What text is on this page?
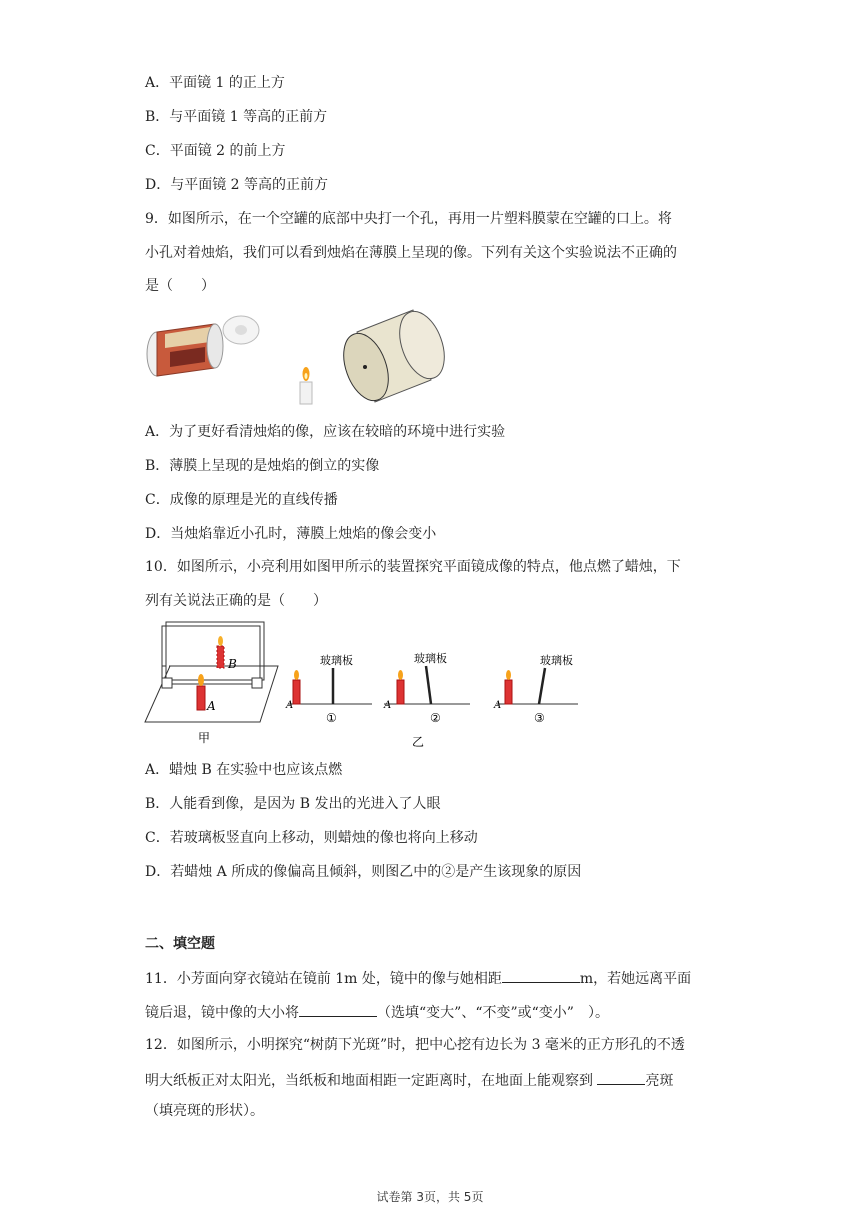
A．平面镜 1 的正上方
B．与平面镜 1 等高的正前方
C．平面镜 2 的前上方
D．与平面镜 2 等高的正前方
9．如图所示，在一个空罐的底部中央打一个孔，再用一片塑料膜蒙在空罐的口上。将
小孔对着烛焰，我们可以看到烛焰在薄膜上呈现的像。下列有关这个实验说法不正确的
是（　　）
A．为了更好看清烛焰的像，应该在较暗的环境中进行实验
B．薄膜上呈现的是烛焰的倒立的实像
C．成像的原理是光的直线传播
D．当烛焰靠近小孔时，薄膜上烛焰的像会变小
10．如图所示，小亮利用如图甲所示的装置探究平面镜成像的特点，他点燃了蜡烛，下
列有关说法正确的是（　　）
B
A
甲
A
玻璃板
①
A
玻璃板
②
A
玻璃板
③
乙
A．蜡烛 B 在实验中也应该点燃
B．人能看到像，是因为 B 发出的光进入了人眼
C．若玻璃板竖直向上移动，则蜡烛的像也将向上移动
D．若蜡烛 A 所成的像偏高且倾斜，则图乙中的②是产生该现象的原因
二、填空题
11．小芳面向穿衣镜站在镜前 1m 处，镜中的像与她相距	m，若她远离平面
镜后退，镜中像的大小将	（选填“变大”、“不变”或“变小”　）。
12．如图所示，小明探究“树荫下光斑”时，把中心挖有边长为 3 毫米的正方形孔的不透
明大纸板正对太阳光，当纸板和地面相距一定距离时，在地面上能观察到	亮斑
（填亮斑的形状）。
试卷第 3页，共 5页
